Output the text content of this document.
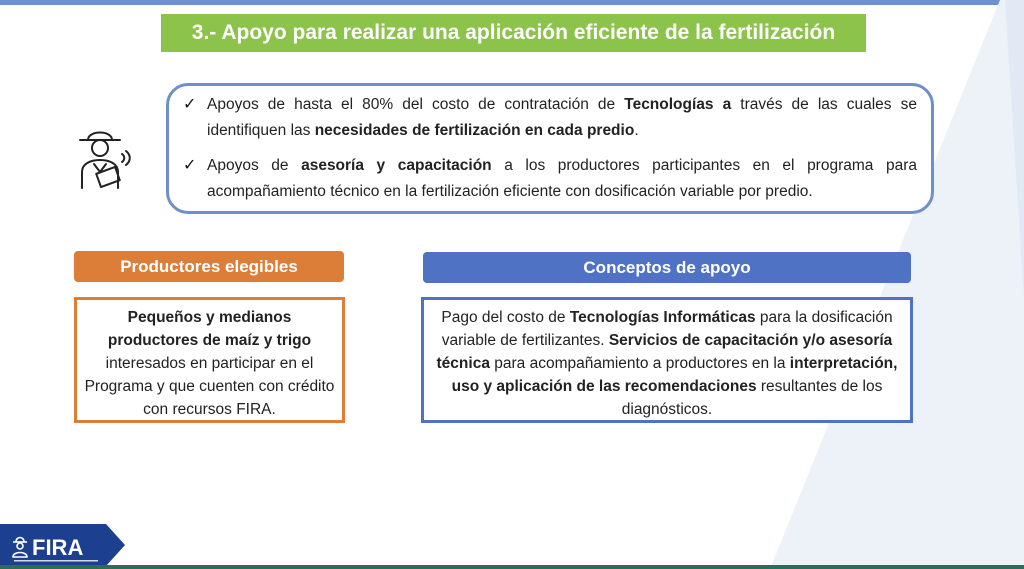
3.- Apoyo para realizar una aplicación eficiente de la fertilización
✓ Apoyos de hasta el 80% del costo de contratación de Tecnologías a través de las cuales se identifiquen las necesidades de fertilización en cada predio.
✓ Apoyos de asesoría y capacitación a los productores participantes en el programa para acompañamiento técnico en la fertilización eficiente con dosificación variable por predio.
Productores elegibles	Conceptos de apoyo
Pequeños y medianos productores de maíz y trigo interesados en participar en el Programa y que cuenten con crédito con recursos FIRA.
Pago del costo de Tecnologías Informáticas para la dosificación variable de fertilizantes. Servicios de capacitación y/o asesoría técnica para acompañamiento a productores en la interpretación, uso y aplicación de las recomendaciones resultantes de los diagnósticos.
FIRA
